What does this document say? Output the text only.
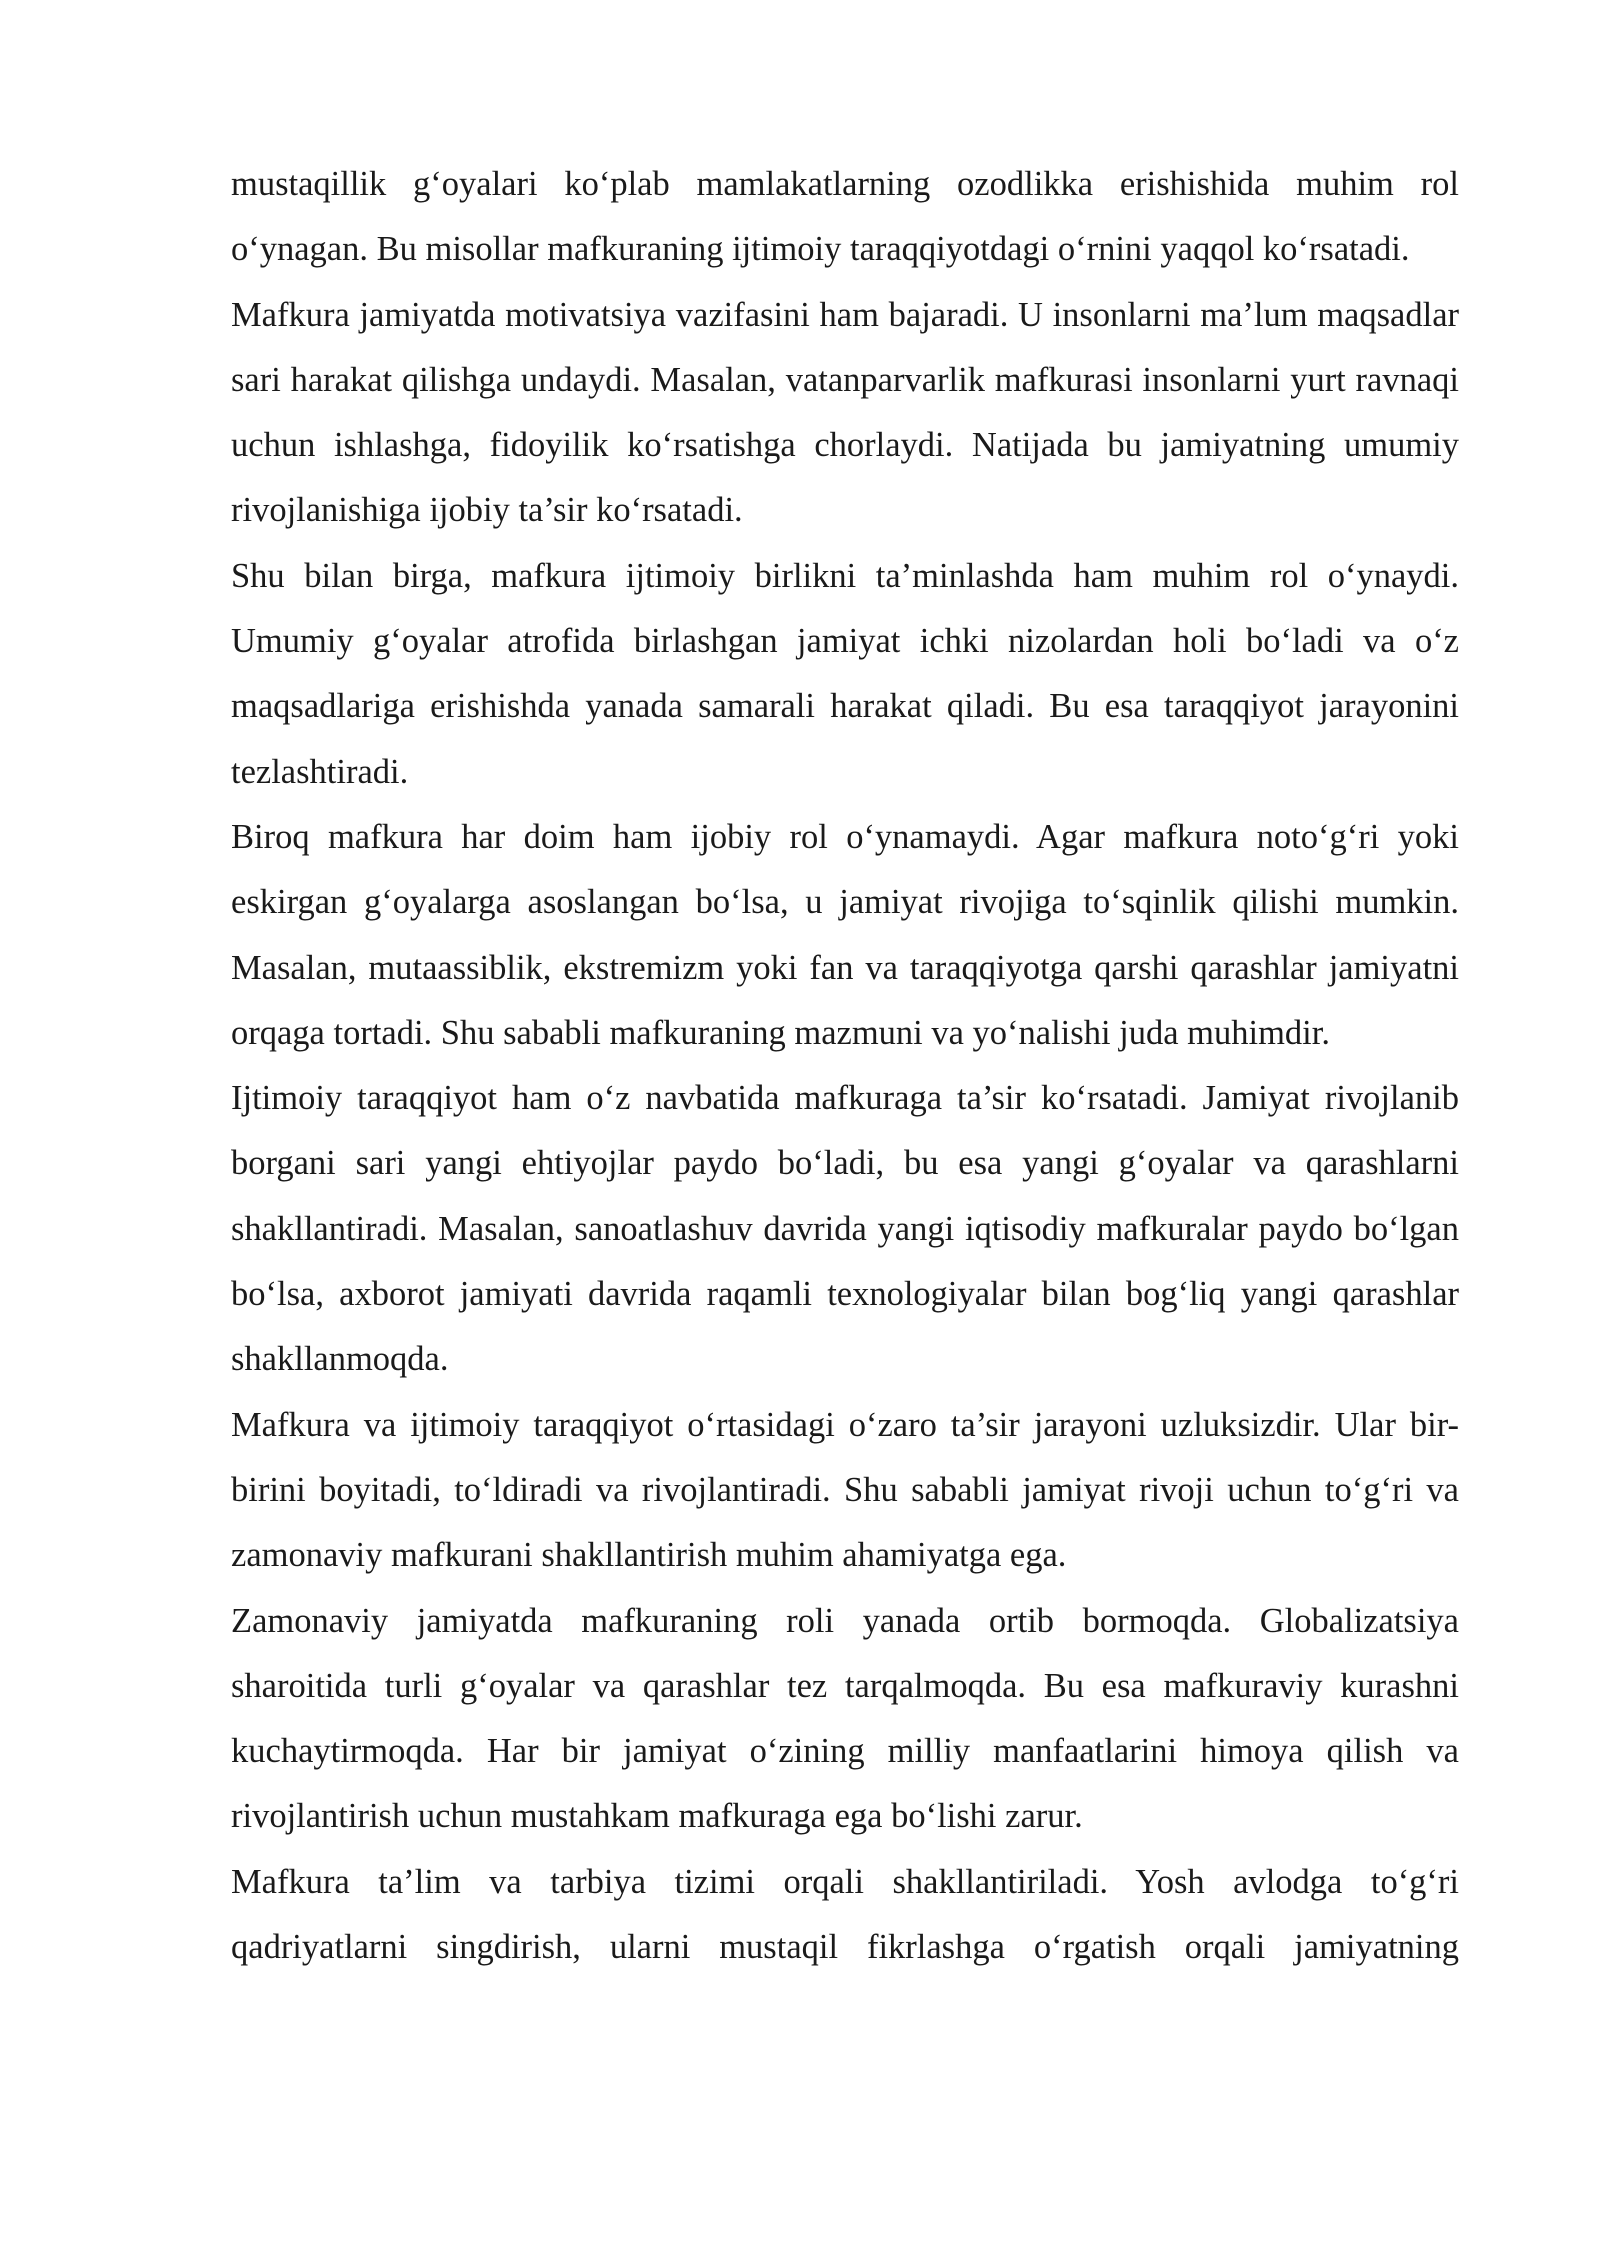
mustaqillik g‘oyalari ko‘plab mamlakatlarning ozodlikka erishishida muhim rol o‘ynagan. Bu misollar mafkuraning ijtimoiy taraqqiyotdagi o‘rnini yaqqol ko‘rsatadi.

Mafkura jamiyatda motivatsiya vazifasini ham bajaradi. U insonlarni ma’lum maqsadlar sari harakat qilishga undaydi. Masalan, vatanparvarlik mafkurasi insonlarni yurt ravnaqi uchun ishlashga, fidoyilik ko‘rsatishga chorlaydi. Natijada bu jamiyatning umumiy rivojlanishiga ijobiy ta’sir ko‘rsatadi.

Shu bilan birga, mafkura ijtimoiy birlikni ta’minlashda ham muhim rol o‘ynaydi. Umumiy g‘oyalar atrofida birlashgan jamiyat ichki nizolardan holi bo‘ladi va o‘z maqsadlariga erishishda yanada samarali harakat qiladi. Bu esa taraqqiyot jarayonini tezlashtiradi.

Biroq mafkura har doim ham ijobiy rol o‘ynamaydi. Agar mafkura noto‘g‘ri yoki eskirgan g‘oyalarga asoslangan bo‘lsa, u jamiyat rivojiga to‘sqinlik qilishi mumkin. Masalan, mutaassiblik, ekstremizm yoki fan va taraqqiyotga qarshi qarashlar jamiyatni orqaga tortadi. Shu sababli mafkuraning mazmuni va yo‘nalishi juda muhimdir.

Ijtimoiy taraqqiyot ham o‘z navbatida mafkuraga ta’sir ko‘rsatadi. Jamiyat rivojlanib borgani sari yangi ehtiyojlar paydo bo‘ladi, bu esa yangi g‘oyalar va qarashlarni shakllantiradi. Masalan, sanoatlashuv davrida yangi iqtisodiy mafkuralar paydo bo‘lgan bo‘lsa, axborot jamiyati davrida raqamli texnologiyalar bilan bog‘liq yangi qarashlar shakllanmoqda.

Mafkura va ijtimoiy taraqqiyot o‘rtasidagi o‘zaro ta’sir jarayoni uzluksizdir. Ular bir-birini boyitadi, to‘ldiradi va rivojlantiradi. Shu sababli jamiyat rivoji uchun to‘g‘ri va zamonaviy mafkurani shakllantirish muhim ahamiyatga ega.

Zamonaviy jamiyatda mafkuraning roli yanada ortib bormoqda. Globalizatsiya sharoitida turli g‘oyalar va qarashlar tez tarqalmoqda. Bu esa mafkuraviy kurashni kuchaytirmoqda. Har bir jamiyat o‘zining milliy manfaatlarini himoya qilish va rivojlantirish uchun mustahkam mafkuraga ega bo‘lishi zarur.

Mafkura ta’lim va tarbiya tizimi orqali shakllantiriladi. Yosh avlodga to‘g‘ri qadriyatlarni singdirish, ularni mustaqil fikrlashga o‘rgatish orqali jamiyatning
